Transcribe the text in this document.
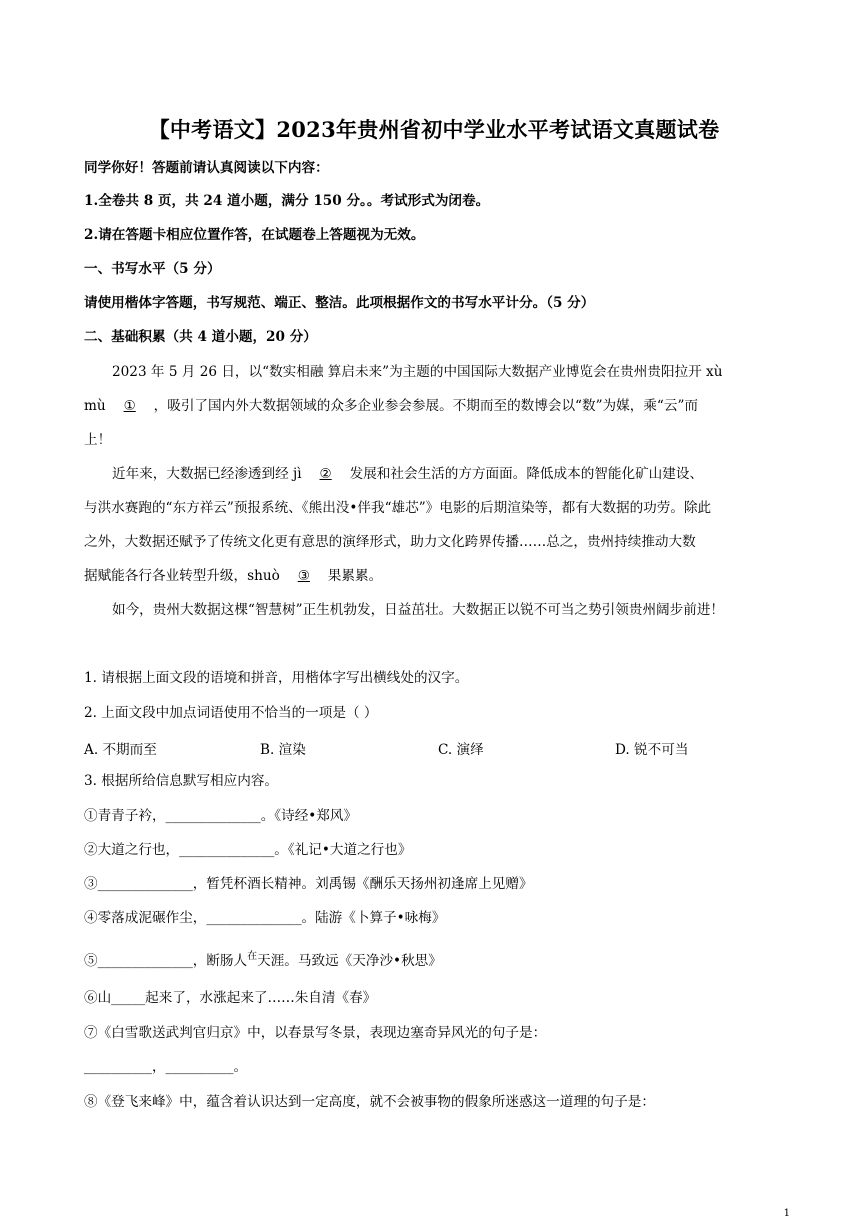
【中考语文】2023年贵州省初中学业水平考试语文真题试卷
同学你好！答题前请认真阅读以下内容：
1.全卷共 8 页，共 24 道小题，满分 150 分。。考试形式为闭卷。
2.请在答题卡相应位置作答，在试题卷上答题视为无效。
一、书写水平（5 分）
请使用楷体字答题，书写规范、端正、整洁。此项根据作文的书写水平计分。（5 分）
二、基础积累（共 4 道小题，20 分）
2023 年 5 月 26 日，以“数实相融 算启未来”为主题的中国国际大数据产业博览会在贵州贵阳拉开 xù
mù ① ，吸引了国内外大数据领域的众多企业参会参展。不期而至的数博会以“数”为媒，乘“云”而
上！
近年来，大数据已经渗透到经 jì ② 发展和社会生活的方方面面。降低成本的智能化矿山建设、
与洪水赛跑的“东方祥云”预报系统、《熊出没•伴我“雄芯”》电影的后期渲染等，都有大数据的功劳。除此
之外，大数据还赋予了传统文化更有意思的演绎形式，助力文化跨界传播……总之，贵州持续推动大数
据赋能各行各业转型升级，shuò ③ 果累累。
如今，贵州大数据这棵“智慧树”正生机勃发，日益茁壮。大数据正以锐不可当之势引领贵州阔步前进！
1. 请根据上面文段的语境和拼音，用楷体字写出横线处的汉字。
2. 上面文段中加点词语使用不恰当的一项是（ ）
A. 不期而至	B. 渲染	C. 演绎	D. 锐不可当
3. 根据所给信息默写相应内容。
①青青子衿，______________。《诗经•郑风》
②大道之行也，______________。《礼记•大道之行也》
③______________，暂凭杯酒长精神。刘禹锡《酬乐天扬州初逢席上见赠》
④零落成泥碾作尘，______________。陆游《卜算子•咏梅》
⑤______________，断肠人$^在$天涯。马致远《天净沙•秋思》
⑥山_____起来了，水涨起来了……朱自清《春》
⑦《白雪歌送武判官归京》中，以春景写冬景，表现边塞奇异风光的句子是：
__________，__________。
⑧《登飞来峰》中，蕴含着认识达到一定高度，就不会被事物的假象所迷惑这一道理的句子是：
1
